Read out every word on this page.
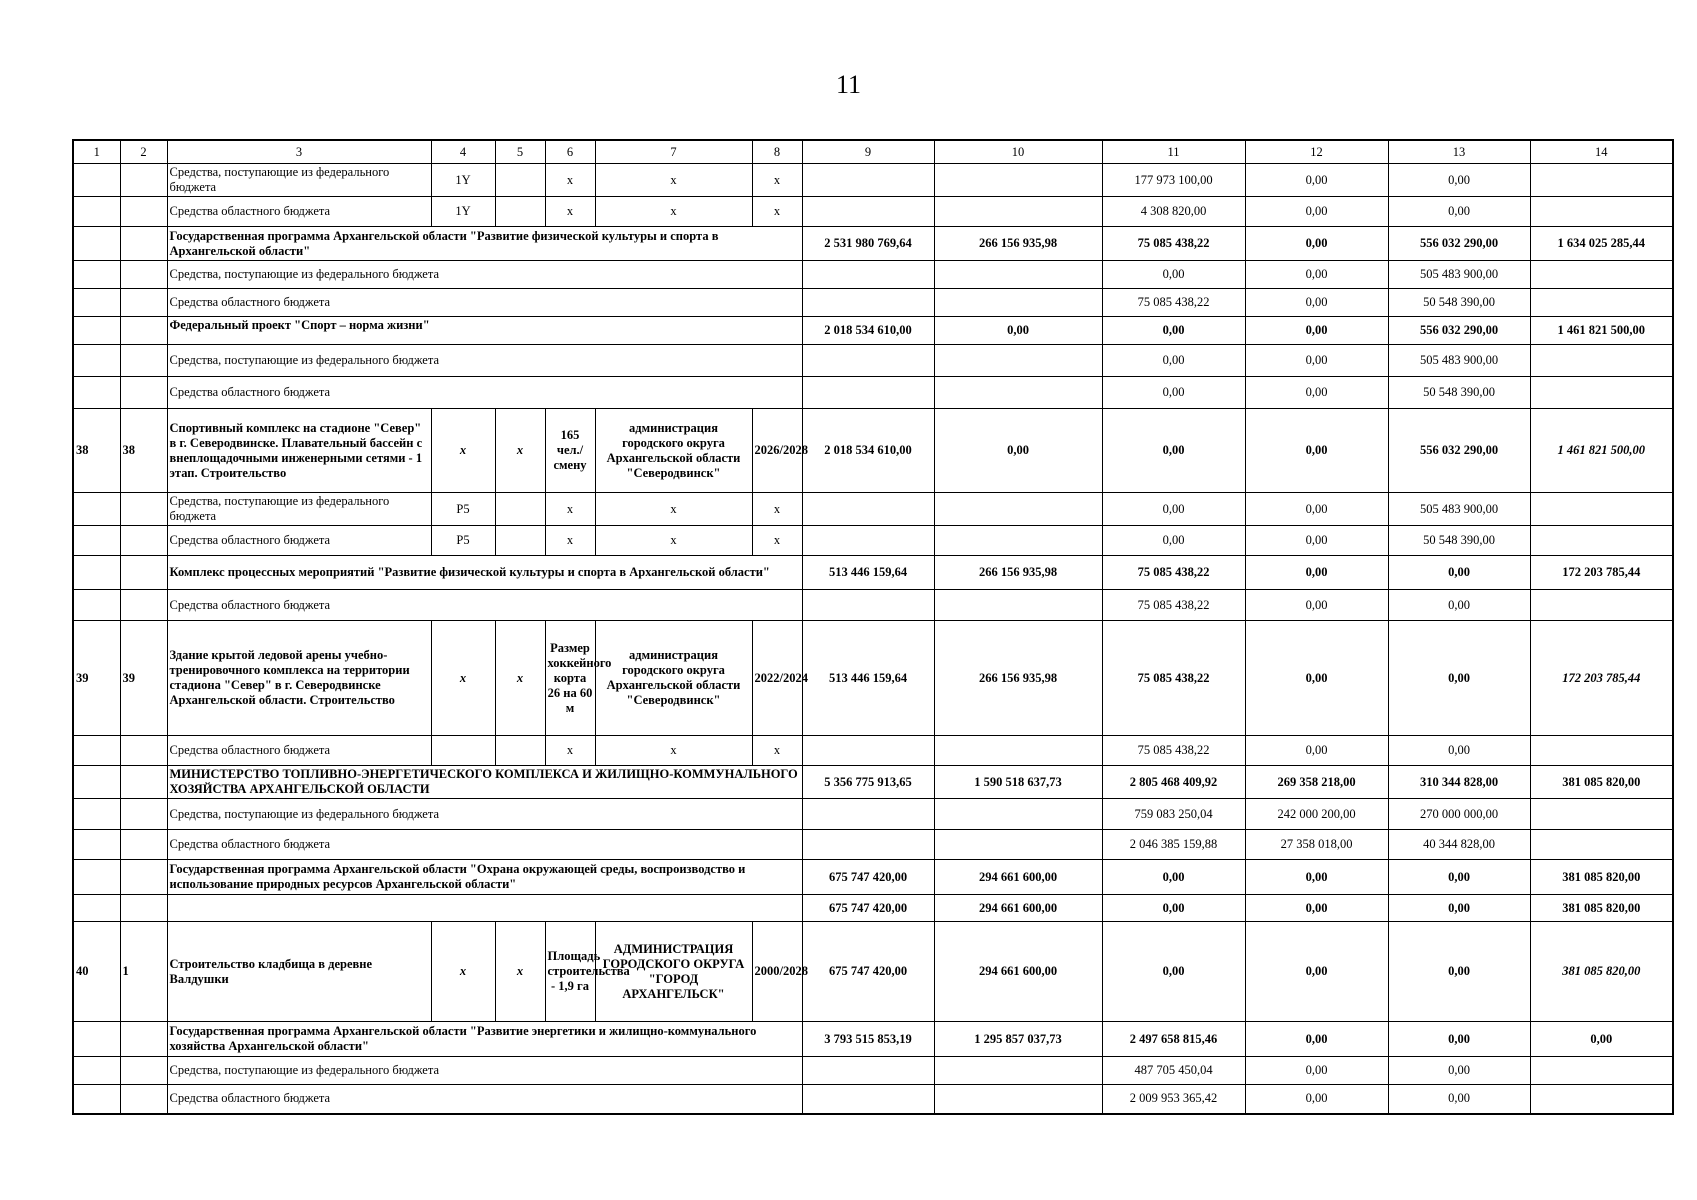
11
1	2	3	4	5	6	7	8	9	10	11	12	13	14
		Средства, поступающие из федерального бюджета	1Y		x	x	x			177 973 100,00	0,00	0,00	
		Средства областного бюджета	1Y		x	x	x			4 308 820,00	0,00	0,00	
		Государственная программа Архангельской области "Развитие физической культуры и спорта в Архангельской области"						2 531 980 769,64	266 156 935,98	75 085 438,22	0,00	556 032 290,00	1 634 025 285,44
		Средства, поступающие из федерального бюджета								0,00	0,00	505 483 900,00	
		Средства областного бюджета								75 085 438,22	0,00	50 548 390,00	
		Федеральный проект "Спорт – норма жизни"						2 018 534 610,00	0,00	0,00	0,00	556 032 290,00	1 461 821 500,00
		Средства, поступающие из федерального бюджета								0,00	0,00	505 483 900,00	
		Средства областного бюджета								0,00	0,00	50 548 390,00	
38	38	Спортивный комплекс на стадионе "Север" в г. Северодвинске. Плавательный бассейн с внеплощадочными инженерными сетями - 1 этап. Строительство	x	x	165 чел./смену	администрация городского округа Архангельской области "Северодвинск"	2026/2028	2 018 534 610,00	0,00	0,00	0,00	556 032 290,00	1 461 821 500,00
		Средства, поступающие из федерального бюджета	P5		x	x	x			0,00	0,00	505 483 900,00	
		Средства областного бюджета	P5		x	x	x			0,00	0,00	50 548 390,00	
		Комплекс процессных мероприятий "Развитие физической культуры и спорта в Архангельской области"						513 446 159,64	266 156 935,98	75 085 438,22	0,00	0,00	172 203 785,44
		Средства областного бюджета								75 085 438,22	0,00	0,00	
39	39	Здание крытой ледовой арены учебно-тренировочного комплекса на территории стадиона "Север" в г. Северодвинске Архангельской области. Строительство	x	x	Размер хоккейного корта 26 на 60 м	администрация городского округа Архангельской области "Северодвинск"	2022/2024	513 446 159,64	266 156 935,98	75 085 438,22	0,00	0,00	172 203 785,44
		Средства областного бюджета			x	x	x			75 085 438,22	0,00	0,00	
		МИНИСТЕРСТВО ТОПЛИВНО-ЭНЕРГЕТИЧЕСКОГО КОМПЛЕКСА И ЖИЛИЩНО-КОММУНАЛЬНОГО ХОЗЯЙСТВА АРХАНГЕЛЬСКОЙ ОБЛАСТИ						5 356 775 913,65	1 590 518 637,73	2 805 468 409,92	269 358 218,00	310 344 828,00	381 085 820,00
		Средства, поступающие из федерального бюджета								759 083 250,04	242 000 200,00	270 000 000,00	
		Средства областного бюджета								2 046 385 159,88	27 358 018,00	40 344 828,00	
		Государственная программа Архангельской области "Охрана окружающей среды, воспроизводство и использование природных ресурсов Архангельской области"						675 747 420,00	294 661 600,00	0,00	0,00	0,00	381 085 820,00
								675 747 420,00	294 661 600,00	0,00	0,00	0,00	381 085 820,00
40	1	Строительство кладбища в деревне Валдушки	x	x	Площадь строительства - 1,9 га	АДМИНИСТРАЦИЯ ГОРОДСКОГО ОКРУГА "ГОРОД АРХАНГЕЛЬСК"	2000/2028	675 747 420,00	294 661 600,00	0,00	0,00	0,00	381 085 820,00
		Государственная программа Архангельской области "Развитие энергетики и жилищно-коммунального хозяйства Архангельской области"						3 793 515 853,19	1 295 857 037,73	2 497 658 815,46	0,00	0,00	0,00
		Средства, поступающие из федерального бюджета								487 705 450,04	0,00	0,00	
		Средства областного бюджета								2 009 953 365,42	0,00	0,00	
